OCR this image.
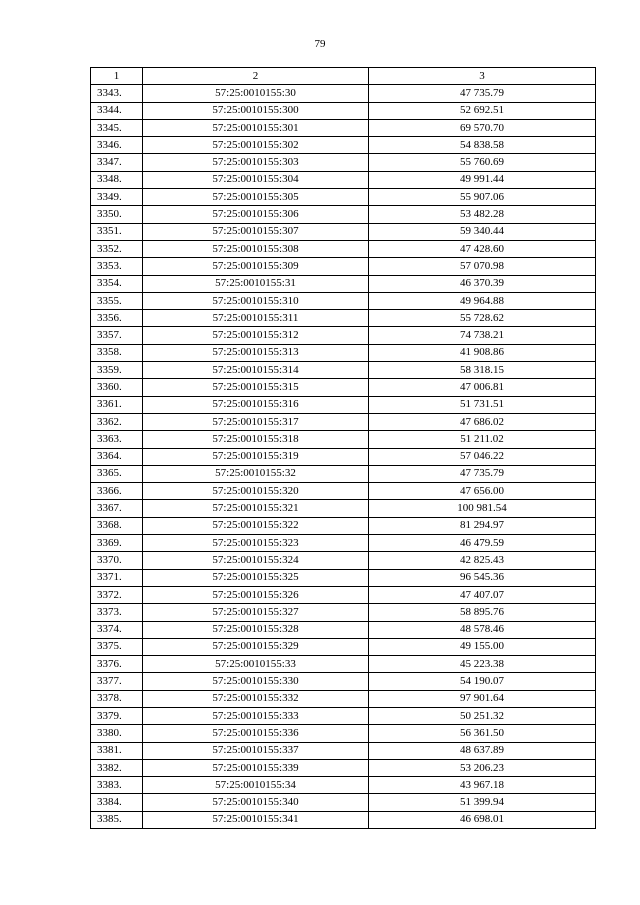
79
1	2	3
3343.	57:25:0010155:30	47 735.79
3344.	57:25:0010155:300	52 692.51
3345.	57:25:0010155:301	69 570.70
3346.	57:25:0010155:302	54 838.58
3347.	57:25:0010155:303	55 760.69
3348.	57:25:0010155:304	49 991.44
3349.	57:25:0010155:305	55 907.06
3350.	57:25:0010155:306	53 482.28
3351.	57:25:0010155:307	59 340.44
3352.	57:25:0010155:308	47 428.60
3353.	57:25:0010155:309	57 070.98
3354.	57:25:0010155:31	46 370.39
3355.	57:25:0010155:310	49 964.88
3356.	57:25:0010155:311	55 728.62
3357.	57:25:0010155:312	74 738.21
3358.	57:25:0010155:313	41 908.86
3359.	57:25:0010155:314	58 318.15
3360.	57:25:0010155:315	47 006.81
3361.	57:25:0010155:316	51 731.51
3362.	57:25:0010155:317	47 686.02
3363.	57:25:0010155:318	51 211.02
3364.	57:25:0010155:319	57 046.22
3365.	57:25:0010155:32	47 735.79
3366.	57:25:0010155:320	47 656.00
3367.	57:25:0010155:321	100 981.54
3368.	57:25:0010155:322	81 294.97
3369.	57:25:0010155:323	46 479.59
3370.	57:25:0010155:324	42 825.43
3371.	57:25:0010155:325	96 545.36
3372.	57:25:0010155:326	47 407.07
3373.	57:25:0010155:327	58 895.76
3374.	57:25:0010155:328	48 578.46
3375.	57:25:0010155:329	49 155.00
3376.	57:25:0010155:33	45 223.38
3377.	57:25:0010155:330	54 190.07
3378.	57:25:0010155:332	97 901.64
3379.	57:25:0010155:333	50 251.32
3380.	57:25:0010155:336	56 361.50
3381.	57:25:0010155:337	48 637.89
3382.	57:25:0010155:339	53 206.23
3383.	57:25:0010155:34	43 967.18
3384.	57:25:0010155:340	51 399.94
3385.	57:25:0010155:341	46 698.01
